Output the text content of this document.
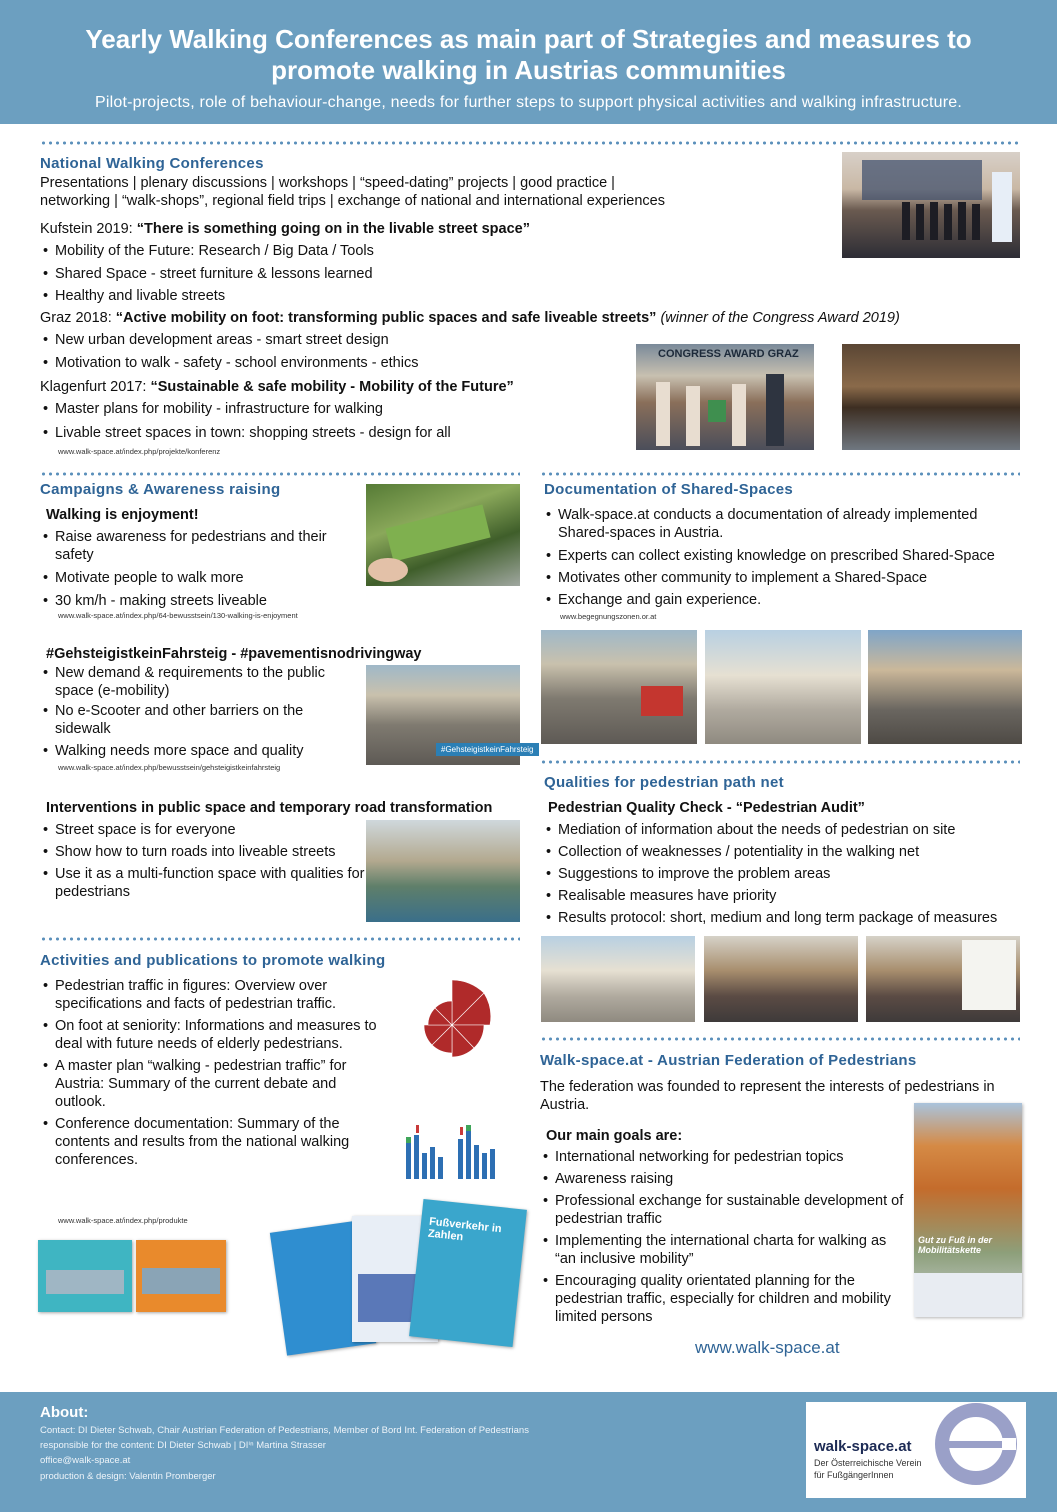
Yearly Walking Conferences as main part of Strategies and measures to promote walking in Austrias communities
Pilot-projects, role of behaviour-change, needs for further steps to support physical activities and walking infrastructure.
National Walking Conferences
Presentations | plenary discussions | workshops | “speed-dating” projects | good practice |
networking | “walk-shops”, regional field trips | exchange of national and international experiences
Kufstein 2019: “There is something going on in the livable street space”
• Mobility of the Future: Research / Big Data / Tools
• Shared Space - street furniture & lessons learned
• Healthy and livable streets
Graz 2018: “Active mobility on foot: transforming public spaces and safe liveable streets” (winner of the Congress Award 2019)
• New urban development areas - smart street design
• Motivation to walk - safety - school environments - ethics
Klagenfurt 2017: “Sustainable & safe mobility - Mobility of the Future”
• Master plans for mobility - infrastructure for walking
• Livable street spaces in town: shopping streets - design for all
www.walk-space.at/index.php/projekte/konferenz
CONGRESS AWARD GRAZ
Campaigns & Awareness raising
Walking is enjoyment!
• Raise awareness for pedestrians and their safety
• Motivate people to walk more
• 30 km/h - making streets liveable
www.walk-space.at/index.php/64-bewusstsein/130-walking-is-enjoyment
#GehsteigistkeinFahrsteig - #pavementisnodrivingway
• New demand & requirements to the public space (e-mobility)
• No e-Scooter and other barriers on the sidewalk
• Walking needs more space and quality
www.walk-space.at/index.php/bewusstsein/gehsteigistkeinfahrsteig
#GehsteigistkeinFahrsteig
Interventions in public space and temporary road transformation
• Street space is for everyone
• Show how to turn roads into liveable streets
• Use it as a multi-function space with qualities for pedestrians
Activities and publications to promote walking
• Pedestrian traffic in figures: Overview over specifications and facts of pedestrian traffic.
• On foot at seniority: Informations and measures to deal with future needs of elderly pedestrians.
• A master plan “walking - pedestrian traffic” for Austria: Summary of the current debate and outlook.
• Conference documentation: Summary of the contents and results from the national walking conferences.
www.walk-space.at/index.php/produkte	Fußverkehr in Zahlen
Documentation of Shared-Spaces
• Walk-space.at conducts a documentation of already implemented Shared-spaces in Austria.
• Experts can collect existing knowledge on prescribed Shared-Space
• Motivates other community to implement a Shared-Space
• Exchange and gain experience.
www.begegnungszonen.or.at
Qualities for pedestrian path net
Pedestrian Quality Check - “Pedestrian Audit”
• Mediation of information about the needs of pedestrian on site
• Collection of weaknesses / potentiality in the walking net
• Suggestions to improve the problem areas
• Realisable measures have priority
• Results protocol: short, medium and long term package of measures
Walk-space.at - Austrian Federation of Pedestrians
The federation was founded to represent the interests of pedestrians in Austria.
Our main goals are:
• International networking for pedestrian topics
• Awareness raising
• Professional exchange for sustainable development of pedestrian traffic
• Implementing the international charta for walking as “an inclusive mobility”
• Encouraging quality orientated planning for the pedestrian traffic, especially for children and mobility limited persons
Gut zu Fuß in der Mobilitätskette
www.walk-space.at
About:
Contact: DI Dieter Schwab, Chair Austrian Federation of Pedestrians, Member of Bord Int. Federation of Pedestrians
responsible for the content: DI Dieter Schwab | DIⁱⁿ Martina Strasser
office@walk-space.at
production & design: Valentin Promberger
walk-space.at
Der Österreichische Verein
für FußgängerInnen
